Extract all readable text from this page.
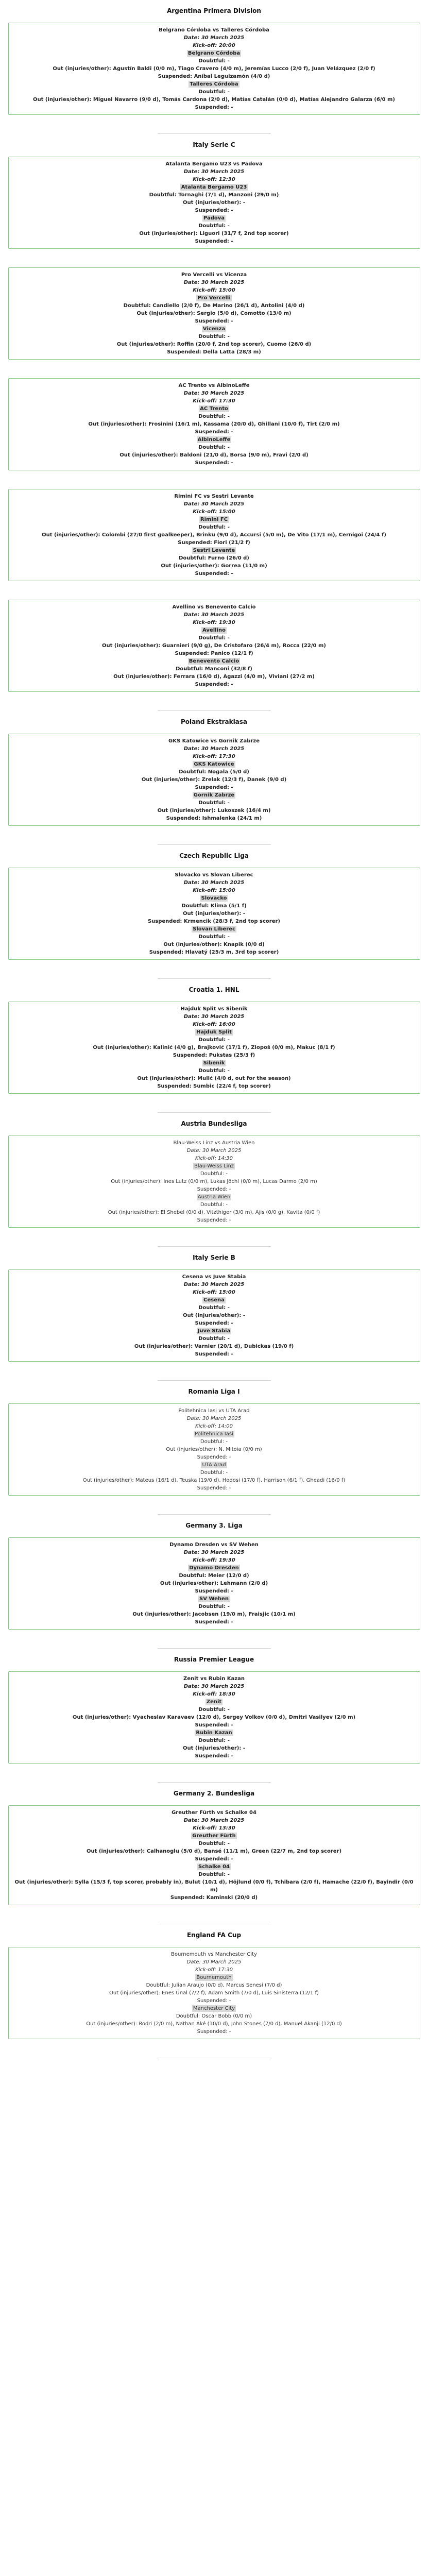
Argentina Primera Division
Belgrano Córdoba vs Talleres Córdoba
Date: 30 March 2025
Kick-off: 20:00
Belgrano Córdoba
Doubtful: -
Out (injuries/other): Agustín Baldi (0/0 m), Tiago Cravero (4/0 m), Jeremías Lucco (2/0 f), Juan Velázquez (2/0 f)
Suspended: Aníbal Leguizamón (4/0 d)
Talleres Córdoba
Doubtful: -
Out (injuries/other): Miguel Navarro (9/0 d), Tomás Cardona (2/0 d), Matías Catalán (0/0 d), Matías Alejandro Galarza (6/0 m)
Suspended: -
Italy Serie C
Atalanta Bergamo U23 vs Padova
Date: 30 March 2025
Kick-off: 12:30
Atalanta Bergamo U23
Doubtful: Tornaghi (7/1 d), Manzoni (29/0 m)
Out (injuries/other): -
Suspended: -
Padova
Doubtful: -
Out (injuries/other): Liguori (31/7 f, 2nd top scorer)
Suspended: -
Pro Vercelli vs Vicenza
Date: 30 March 2025
Kick-off: 15:00
Pro Vercelli
Doubtful: Candiello (2/0 f), De Marino (26/1 d), Antolini (4/0 d)
Out (injuries/other): Sergio (5/0 d), Comotto (13/0 m)
Suspended: -
Vicenza
Doubtful: -
Out (injuries/other): Roffin (20/0 f, 2nd top scorer), Cuomo (26/0 d)
Suspended: Della Latta (28/3 m)
AC Trento vs AlbinoLeffe
Date: 30 March 2025
Kick-off: 17:30
AC Trento
Doubtful: -
Out (injuries/other): Frosinini (16/1 m), Kassama (20/0 d), Ghillani (10/0 f), Tirt (2/0 m)
Suspended: -
AlbinoLeffe
Doubtful: -
Out (injuries/other): Baldoni (21/0 d), Borsa (9/0 m), Fravi (2/0 d)
Suspended: -
Rimini FC vs Sestri Levante
Date: 30 March 2025
Kick-off: 15:00
Rimini FC
Doubtful: -
Out (injuries/other): Colombi (27/0 first goalkeeper), Brinku (9/0 d), Accursi (5/0 m), De Vito (17/1 m), Cernigoi (24/4 f)
Suspended: Fiori (21/2 f)
Sestri Levante
Doubtful: Furno (26/0 d)
Out (injuries/other): Gorrea (11/0 m)
Suspended: -
Avellino vs Benevento Calcio
Date: 30 March 2025
Kick-off: 19:30
Avellino
Doubtful: -
Out (injuries/other): Guarnieri (9/0 g), De Cristofaro (26/4 m), Rocca (22/0 m)
Suspended: Panico (12/1 f)
Benevento Calcio
Doubtful: Manconi (32/8 f)
Out (injuries/other): Ferrara (16/0 d), Agazzi (4/0 m), Viviani (27/2 m)
Suspended: -
Poland Ekstraklasa
GKS Katowice vs Gornik Zabrze
Date: 30 March 2025
Kick-off: 17:30
GKS Katowice
Doubtful: Nogala (5/0 d)
Out (injuries/other): Zrelak (12/3 f), Danek (9/0 d)
Suspended: -
Gornik Zabrze
Doubtful: -
Out (injuries/other): Lukoszek (16/4 m)
Suspended: Ishmalenka (24/1 m)
Czech Republic Liga
Slovacko vs Slovan Liberec
Date: 30 March 2025
Kick-off: 15:00
Slovacko
Doubtful: Klima (5/1 f)
Out (injuries/other): -
Suspended: Krmencik (28/3 f, 2nd top scorer)
Slovan Liberec
Doubtful: -
Out (injuries/other): Knapik (0/0 d)
Suspended: Hlavatý (25/3 m, 3rd top scorer)
Croatia 1. HNL
Hajduk Split vs Sibenik
Date: 30 March 2025
Kick-off: 16:00
Hajduk Split
Doubtful: -
Out (injuries/other): Kalinić (4/0 g), Brajković (17/1 f), Zlopoš (0/0 m), Makuc (8/1 f)
Suspended: Pukstas (25/3 f)
Sibenik
Doubtful: -
Out (injuries/other): Mulić (4/0 d, out for the season)
Suspended: Sumbic (22/4 f, top scorer)
Austria Bundesliga
Blau-Weiss Linz vs Austria Wien
Date: 30 March 2025
Kick-off: 14:30
Blau-Weiss Linz
Doubtful: -
Out (injuries/other): Ines Lutz (0/0 m), Lukas Jöchl (0/0 m), Lucas Darmo (2/0 m)
Suspended: -
Austria Wien
Doubtful: -
Out (injuries/other): El Shebel (0/0 d), Vitzthiger (3/0 m), Ajis (0/0 g), Kavita (0/0 f)
Suspended: -
Italy Serie B
Cesena vs Juve Stabia
Date: 30 March 2025
Kick-off: 15:00
Cesena
Doubtful: -
Out (injuries/other): -
Suspended: -
Juve Stabia
Doubtful: -
Out (injuries/other): Varnier (20/1 d), Dubickas (19/0 f)
Suspended: -
Romania Liga I
Politehnica Iasi vs UTA Arad
Date: 30 March 2025
Kick-off: 14:00
Politehnica Iasi
Doubtful: -
Out (injuries/other): N. Mitoia (0/0 m)
Suspended: -
UTA Arad
Doubtful: -
Out (injuries/other): Mateus (16/1 d), Teuska (19/0 d), Hodosi (17/0 f), Harrison (6/1 f), Gheadi (16/0 f)
Suspended: -
Germany 3. Liga
Dynamo Dresden vs SV Wehen
Date: 30 March 2025
Kick-off: 19:30
Dynamo Dresden
Doubtful: Meier (12/0 d)
Out (injuries/other): Lehmann (2/0 d)
Suspended: -
SV Wehen
Doubtful: -
Out (injuries/other): Jacobsen (19/0 m), Fraisjic (10/1 m)
Suspended: -
Russia Premier League
Zenit vs Rubin Kazan
Date: 30 March 2025
Kick-off: 18:30
Zenit
Doubtful: -
Out (injuries/other): Vyacheslav Karavaev (12/0 d), Sergey Volkov (0/0 d), Dmitri Vasilyev (2/0 m)
Suspended: -
Rubin Kazan
Doubtful: -
Out (injuries/other): -
Suspended: -
Germany 2. Bundesliga
Greuther Fürth vs Schalke 04
Date: 30 March 2025
Kick-off: 13:30
Greuther Fürth
Doubtful: -
Out (injuries/other): Calhanoglu (5/0 d), Bansé (11/1 m), Green (22/7 m, 2nd top scorer)
Suspended: -
Schalke 04
Doubtful: -
Out (injuries/other): Sylla (15/3 f, top scorer, probably in), Bulut (10/1 d), Höjlund (0/0 f), Tchibara (2/0 f), Hamache (22/0 f), Bayindir (0/0 m)
Suspended: Kaminski (20/0 d)
England FA Cup
Bournemouth vs Manchester City
Date: 30 March 2025
Kick-off: 17:30
Bournemouth
Doubtful: Julian Araujo (0/0 d), Marcus Senesi (7/0 d)
Out (injuries/other): Enes Ünal (7/2 f), Adam Smith (7/0 d), Luis Sinisterra (12/1 f)
Suspended: -
Manchester City
Doubtful: Oscar Bobb (0/0 m)
Out (injuries/other): Rodri (2/0 m), Nathan Aké (10/0 d), John Stones (7/0 d), Manuel Akanji (12/0 d)
Suspended: -
